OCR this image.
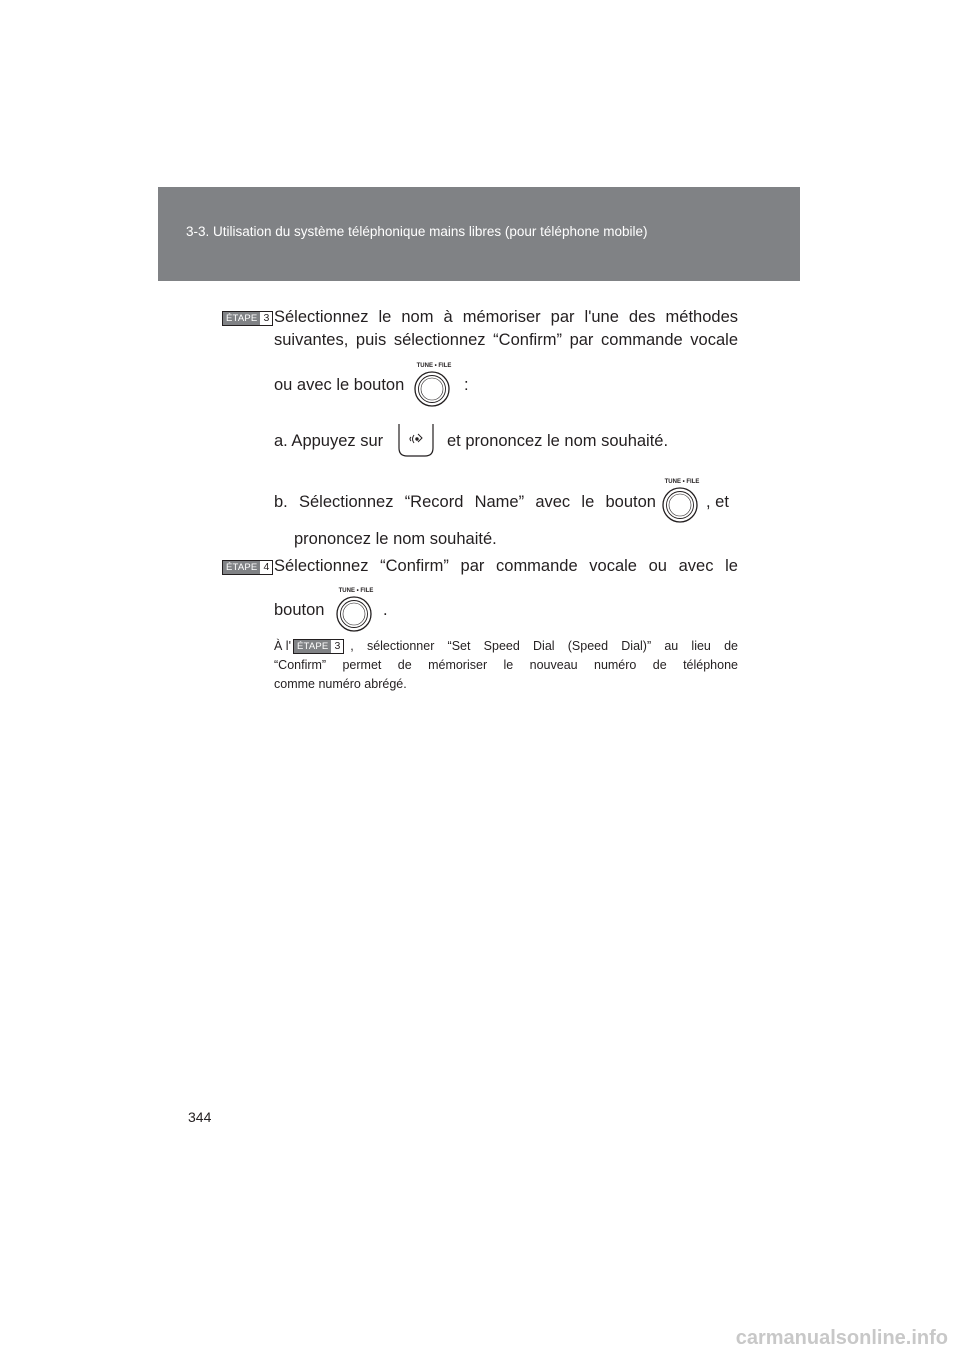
3-3. Utilisation du système téléphonique mains libres (pour téléphone mobile)
ÉTAPE 3 Sélectionnez le nom à mémoriser par l'une des méthodes
suivantes, puis sélectionnez “Confirm” par commande vocale
ou avec le bouton
TUNE • FILE
:
a. Appuyez sur	et prononcez le nom souhaité.
b. Sélectionnez “Record Name” avec le bouton
TUNE • FILE
, et
prononcez le nom souhaité.
ÉTAPE 4 Sélectionnez “Confirm” par commande vocale ou avec le
bouton
TUNE • FILE
.
À l' ÉTAPE 3 , sélectionner “Set Speed Dial (Speed Dial)” au lieu de
“Confirm” permet de mémoriser le nouveau numéro de téléphone
comme numéro abrégé.
344
carmanualsonline.info
